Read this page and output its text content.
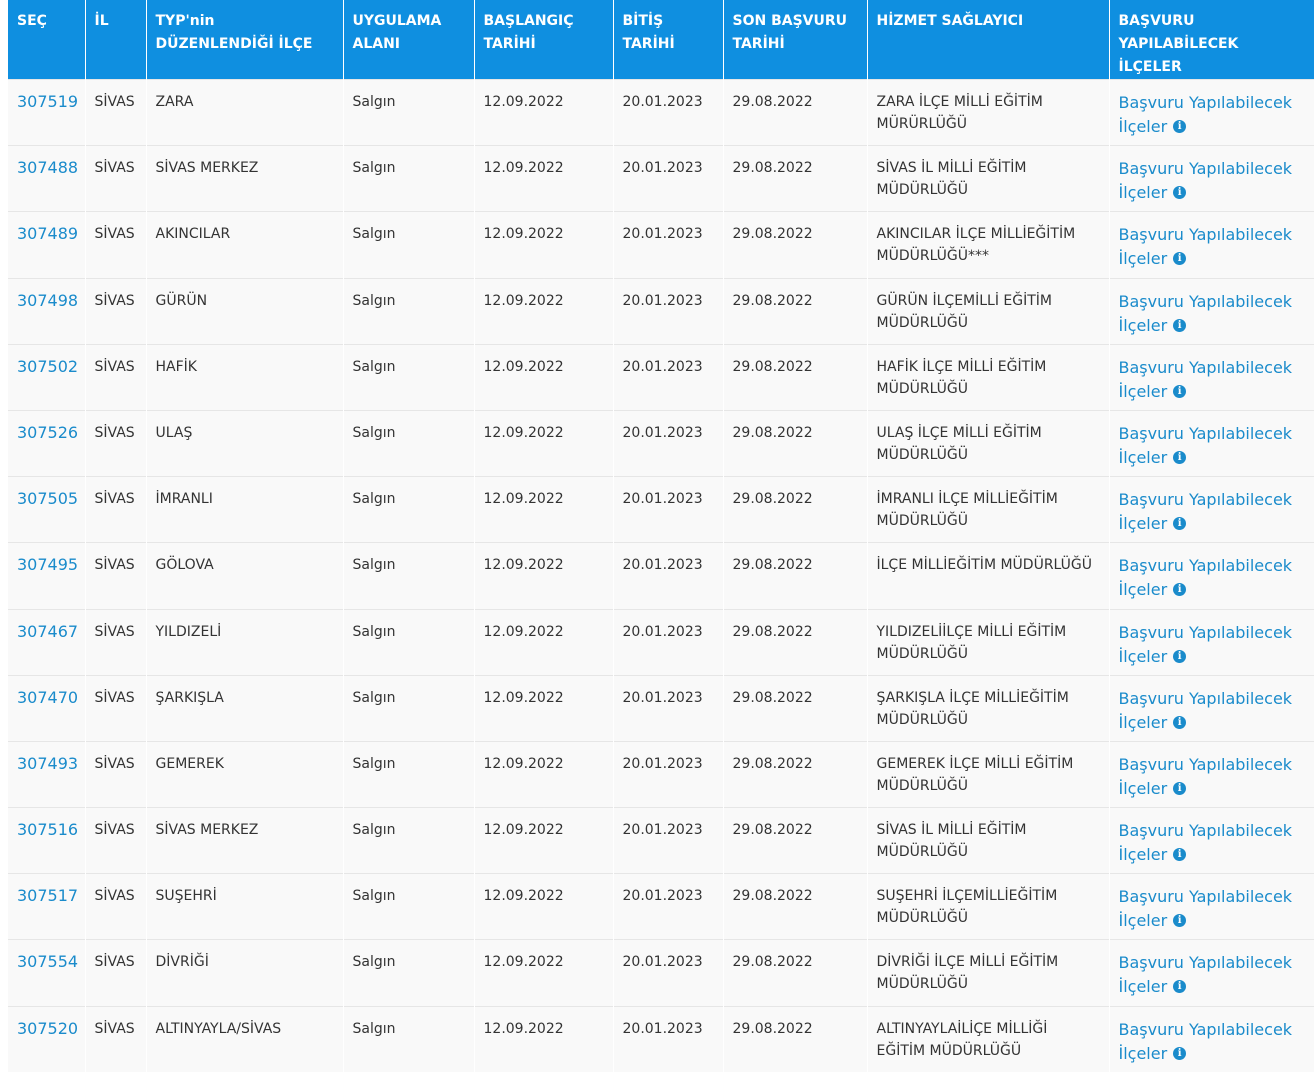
SEÇ	İL	TYP'nin DÜZENLENDİĞİ İLÇE	UYGULAMA ALANI	BAŞLANGIÇ TARİHİ	BİTİŞ TARİHİ	SON BAŞVURU TARİHİ	HİZMET SAĞLAYICI	BAŞVURU YAPILABİLECEK İLÇELER
307519	SİVAS	ZARA	Salgın	12.09.2022	20.01.2023	29.08.2022	ZARA İLÇE MİLLİ EĞİTİM MÜRÜRLÜĞÜ	Başvuru Yapılabilecek İlçeler i
307488	SİVAS	SİVAS MERKEZ	Salgın	12.09.2022	20.01.2023	29.08.2022	SİVAS İL MİLLİ EĞİTİM MÜDÜRLÜĞÜ	Başvuru Yapılabilecek İlçeler i
307489	SİVAS	AKINCILAR	Salgın	12.09.2022	20.01.2023	29.08.2022	AKINCILAR İLÇE MİLLİEĞİTİM MÜDÜRLÜĞÜ***	Başvuru Yapılabilecek İlçeler i
307498	SİVAS	GÜRÜN	Salgın	12.09.2022	20.01.2023	29.08.2022	GÜRÜN İLÇEMİLLİ EĞİTİM MÜDÜRLÜĞÜ	Başvuru Yapılabilecek İlçeler i
307502	SİVAS	HAFİK	Salgın	12.09.2022	20.01.2023	29.08.2022	HAFİK İLÇE MİLLİ EĞİTİM MÜDÜRLÜĞÜ	Başvuru Yapılabilecek İlçeler i
307526	SİVAS	ULAŞ	Salgın	12.09.2022	20.01.2023	29.08.2022	ULAŞ İLÇE MİLLİ EĞİTİM MÜDÜRLÜĞÜ	Başvuru Yapılabilecek İlçeler i
307505	SİVAS	İMRANLI	Salgın	12.09.2022	20.01.2023	29.08.2022	İMRANLI İLÇE MİLLİEĞİTİM MÜDÜRLÜĞÜ	Başvuru Yapılabilecek İlçeler i
307495	SİVAS	GÖLOVA	Salgın	12.09.2022	20.01.2023	29.08.2022	İLÇE MİLLİEĞİTİM MÜDÜRLÜĞÜ	Başvuru Yapılabilecek İlçeler i
307467	SİVAS	YILDIZELİ	Salgın	12.09.2022	20.01.2023	29.08.2022	YILDIZELİİLÇE MİLLİ EĞİTİM MÜDÜRLÜĞÜ	Başvuru Yapılabilecek İlçeler i
307470	SİVAS	ŞARKIŞLA	Salgın	12.09.2022	20.01.2023	29.08.2022	ŞARKIŞLA İLÇE MİLLİEĞİTİM MÜDÜRLÜĞÜ	Başvuru Yapılabilecek İlçeler i
307493	SİVAS	GEMEREK	Salgın	12.09.2022	20.01.2023	29.08.2022	GEMEREK İLÇE MİLLİ EĞİTİM MÜDÜRLÜĞÜ	Başvuru Yapılabilecek İlçeler i
307516	SİVAS	SİVAS MERKEZ	Salgın	12.09.2022	20.01.2023	29.08.2022	SİVAS İL MİLLİ EĞİTİM MÜDÜRLÜĞÜ	Başvuru Yapılabilecek İlçeler i
307517	SİVAS	SUŞEHRİ	Salgın	12.09.2022	20.01.2023	29.08.2022	SUŞEHRİ İLÇEMİLLİEĞİTİM MÜDÜRLÜĞÜ	Başvuru Yapılabilecek İlçeler i
307554	SİVAS	DİVRİĞİ	Salgın	12.09.2022	20.01.2023	29.08.2022	DİVRİĞİ İLÇE MİLLİ EĞİTİM MÜDÜRLÜĞÜ	Başvuru Yapılabilecek İlçeler i
307520	SİVAS	ALTINYAYLA/SİVAS	Salgın	12.09.2022	20.01.2023	29.08.2022	ALTINYAYLAİLİÇE MİLLİĞİ EĞİTİM MÜDÜRLÜĞÜ	Başvuru Yapılabilecek İlçeler i
